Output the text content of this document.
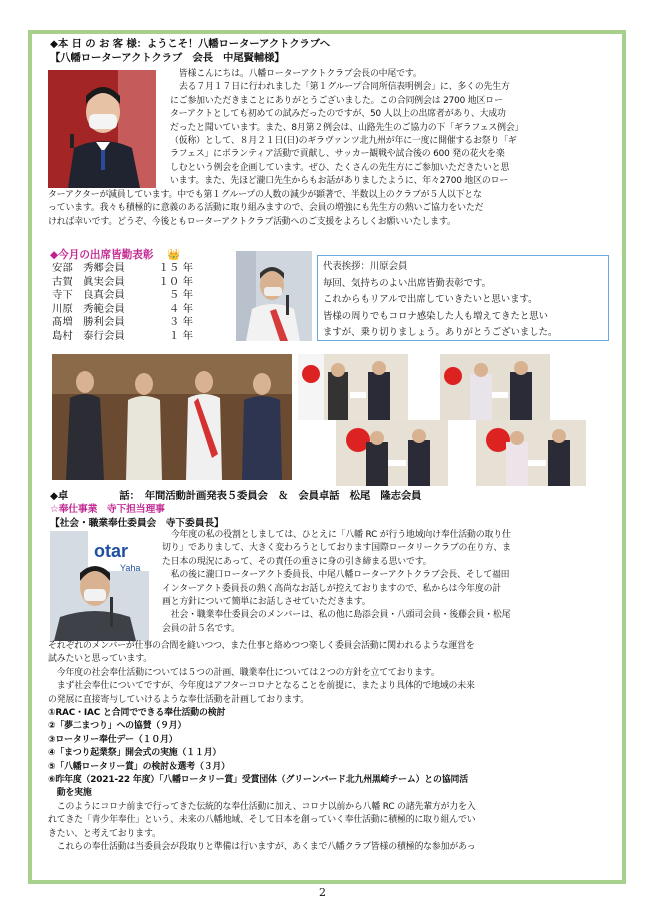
◆本 日 の お 客 様：ようこそ！八幡ローターアクトクラブへ
【八幡ローターアクトクラブ　会長　中尾賢輔様】
皆様こんにちは。八幡ローターアクトクラブ会長の中尾です。
去る７月１７日に行われました「第１グループ合同所信表明例会」に、多くの先生方
にご参加いただきまことにありがとうございました。この合同例会は 2700 地区ロー
ターアクトとしても初めての試みだったのですが、50 人以上の出席者があり、大成功
だったと聞いています。また、8月第２例会は、山路先生のご協力の下「ギラフェス例会」
（仮称）として、８月２１日(日)のギラヴァンツ北九州が年に一度に開催するお祭り「ギ
ラフェス」にボランティア活動で貢献し、サッカー観戦や試合後の 600 発の花火を楽
しむという例会を企画しています。ぜひ、たくさんの先生方にご参加いただきたいと思
います。また、先ほど瀧口先生からもお話がありましたように、年々2700 地区のロー
ターアクターが減員しています。中でも第１グループの人数の減少が顕著で、半数以上のクラブが５人以下とな
っています。我々も積極的に意義のある活動に取り組みますので、会員の増強にも先生方の熱いご協力をいただ
ければ幸いです。どうぞ、今後ともローターアクトクラブ活動へのご支援をよろしくお願いいたします。
◆今月の出席皆勤表彰 👑
安部　秀郷会員	１５ 年
古賀　眞実会員	１０ 年
寺下　良真会員	５ 年
川原　秀範会員	４ 年
髙増　勝利会員	３ 年
島村　泰行会員	１ 年
代表挨拶：川原会員
毎回、気持ちのよい出席皆勤表彰です。
これからもリアルで出席していきたいと思います。
皆様の周りでもコロナ感染した人も増えてきたと思い
ますが、乗り切りましょう。ありがとうございました。
◆卓　　　　　話：　年間活動計画発表５委員会　＆　会員卓話　松尾　隆志会員
☆奉仕事業　寺下担当理事
【社会・職業奉仕委員会　寺下委員長】
otar
Yaha
今年度の私の役割としましては、ひとえに「八幡 RC が行う地域向け奉仕活動の取り仕
切り」でありまして、大きく変わろうとしております国際ロータリークラブの在り方、ま
た日本の現況にあって、その責任の重さに身の引き締まる思いです。
　私の後に瀧口ローターアクト委員長、中尾八幡ローターアクトクラブ会長、そして福田
インターアクト委員長の熱く高尚なお話しが控えておりますので、私からは今年度の計
画と方針について簡単にお話しさせていただきます。
　社会・職業奉仕委員会のメンバーは、私の他に島添会員・八頭司会員・後藤会員・松尾
会員の計５名です。
それぞれのメンバーが仕事の合間を縫いつつ、また仕事と絡めつつ楽しく委員会活動に関われるような運営を
試みたいと思っています。
　今年度の社会奉仕活動については５つの計画、職業奉仕については２つの方針を立てております。
　まず社会奉仕についてですが、今年度はアフターコロナとなることを前提に、またより具体的で地域の未来
の発展に直接寄与していけるような奉仕活動を計画しております。
①RAC・IAC と合同でできる奉仕活動の検討
②「夢二まつり」への協賛（９月）
③ロータリー奉仕デー（１０月）
④「まつり起業祭」開会式の実施（１１月）
⑤「八幡ロータリー賞」の検討＆選考（３月）
⑥昨年度（2021-22 年度）「八幡ロータリー賞」受賞団体（グリーンバード北九州黒崎チーム）との協同活
　動を実施
　このようにコロナ前まで行ってきた伝統的な奉仕活動に加え、コロナ以前から八幡 RC の諸先輩方が力を入
れてきた「青少年奉仕」という、未来の八幡地域、そして日本を創っていく奉仕活動に積極的に取り組んでい
きたい、と考えております。
　これらの奉仕活動は当委員会が段取りと準備は行いますが、あくまで八幡クラブ皆様の積極的な参加があっ
2
